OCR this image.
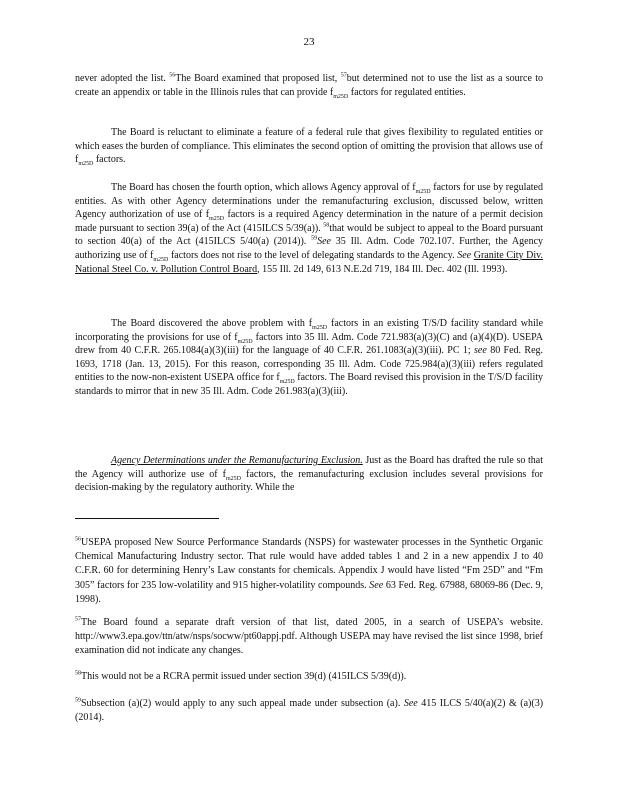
23

never adopted the list. $^{56}$The Board examined that proposed list, $^{57}$but determined not to use the list as a source to create an appendix or table in the Illinois rules that can provide $f_{m25D}$ factors for regulated entities.

The Board is reluctant to eliminate a feature of a federal rule that gives flexibility to regulated entities or which eases the burden of compliance. This eliminates the second option of omitting the provision that allows use of $f_{m25D}$ factors.

The Board has chosen the fourth option, which allows Agency approval of $f_{m25D}$ factors for use by regulated entities. As with other Agency determinations under the remanufacturing exclusion, discussed below, written Agency authorization of use of $f_{m25D}$ factors is a required Agency determination in the nature of a permit decision made pursuant to section 39(a) of the Act (415ILCS 5/39(a)). $^{58}$that would be subject to appeal to the Board pursuant to section 40(a) of the Act (415ILCS 5/40(a) (2014)). $^{59}$See 35 Ill. Adm. Code 702.107. Further, the Agency authorizing use of $f_{m25D}$ factors does not rise to the level of delegating standards to the Agency. See Granite City Div. National Steel Co. v. Pollution Control Board, 155 Ill. 2d 149, 613 N.E.2d 719, 184 Ill. Dec. 402 (Ill. 1993).

The Board discovered the above problem with $f_{m25D}$ factors in an existing T/S/D facility standard while incorporating the provisions for use of $f_{m25D}$ factors into 35 Ill. Adm. Code 721.983(a)(3)(C) and (a)(4)(D). USEPA drew from 40 C.F.R. 265.1084(a)(3)(iii) for the language of 40 C.F.R. 261.1083(a)(3)(iii). PC 1; see 80 Fed. Reg. 1693, 1718 (Jan. 13, 2015). For this reason, corresponding 35 Ill. Adm. Code 725.984(a)(3)(iii) refers regulated entities to the now-non-existent USEPA office for $f_{m25D}$ factors. The Board revised this provision in the T/S/D facility standards to mirror that in new 35 Ill. Adm. Code 261.983(a)(3)(iii).

Agency Determinations under the Remanufacturing Exclusion. Just as the Board has drafted the rule so that the Agency will authorize use of $f_{m25D}$ factors, the remanufacturing exclusion includes several provisions for decision-making by the regulatory authority. While the

$^{56}$USEPA proposed New Source Performance Standards (NSPS) for wastewater processes in the Synthetic Organic Chemical Manufacturing Industry sector. That rule would have added tables 1 and 2 in a new appendix J to 40 C.F.R. 60 for determining Henry’s Law constants for chemicals. Appendix J would have listed “Fm 25D” and “Fm 305” factors for 235 low-volatility and 915 higher-volatility compounds. See 63 Fed. Reg. 67988, 68069-86 (Dec. 9, 1998).
$^{57}$The Board found a separate draft version of that list, dated 2005, in a search of USEPA’s website. http://www3.epa.gov/ttn/atw/nsps/socww/pt60appj.pdf. Although USEPA may have revised the list since 1998, brief examination did not indicate any changes.
$^{58}$This would not be a RCRA permit issued under section 39(d) (415ILCS 5/39(d)).
$^{59}$Subsection (a)(2) would apply to any such appeal made under subsection (a). See 415 ILCS 5/40(a)(2) & (a)(3) (2014).
